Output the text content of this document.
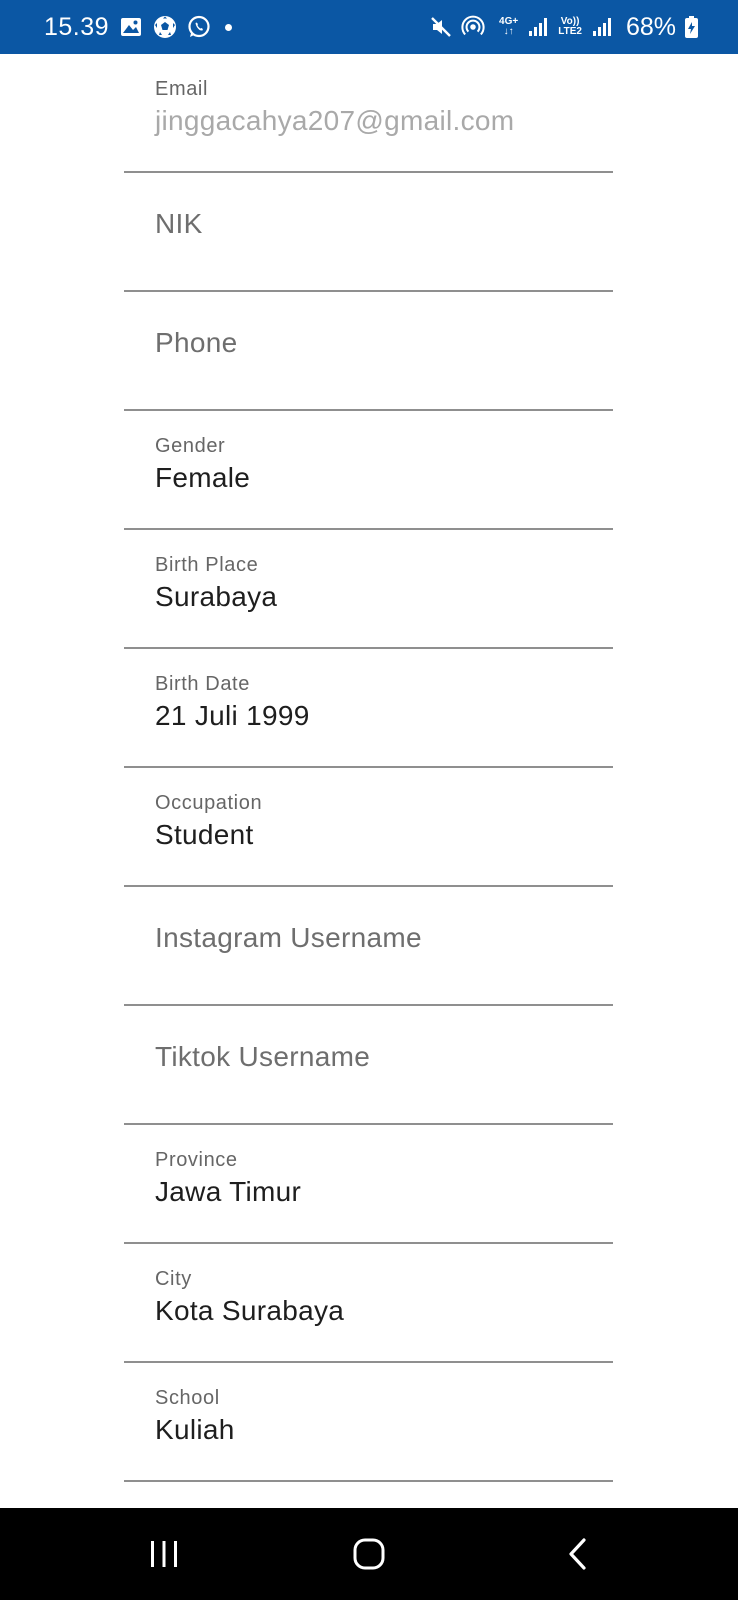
15.39	4G+
↓↑
Vo))
LTE2 68%
Email
jinggacahya207@gmail.com
NIK
Phone
Gender
Female
Birth Place
Surabaya
Birth Date
21 Juli 1999
Occupation
Student
Instagram Username
Tiktok Username
Province
Jawa Timur
City
Kota Surabaya
School
Kuliah
